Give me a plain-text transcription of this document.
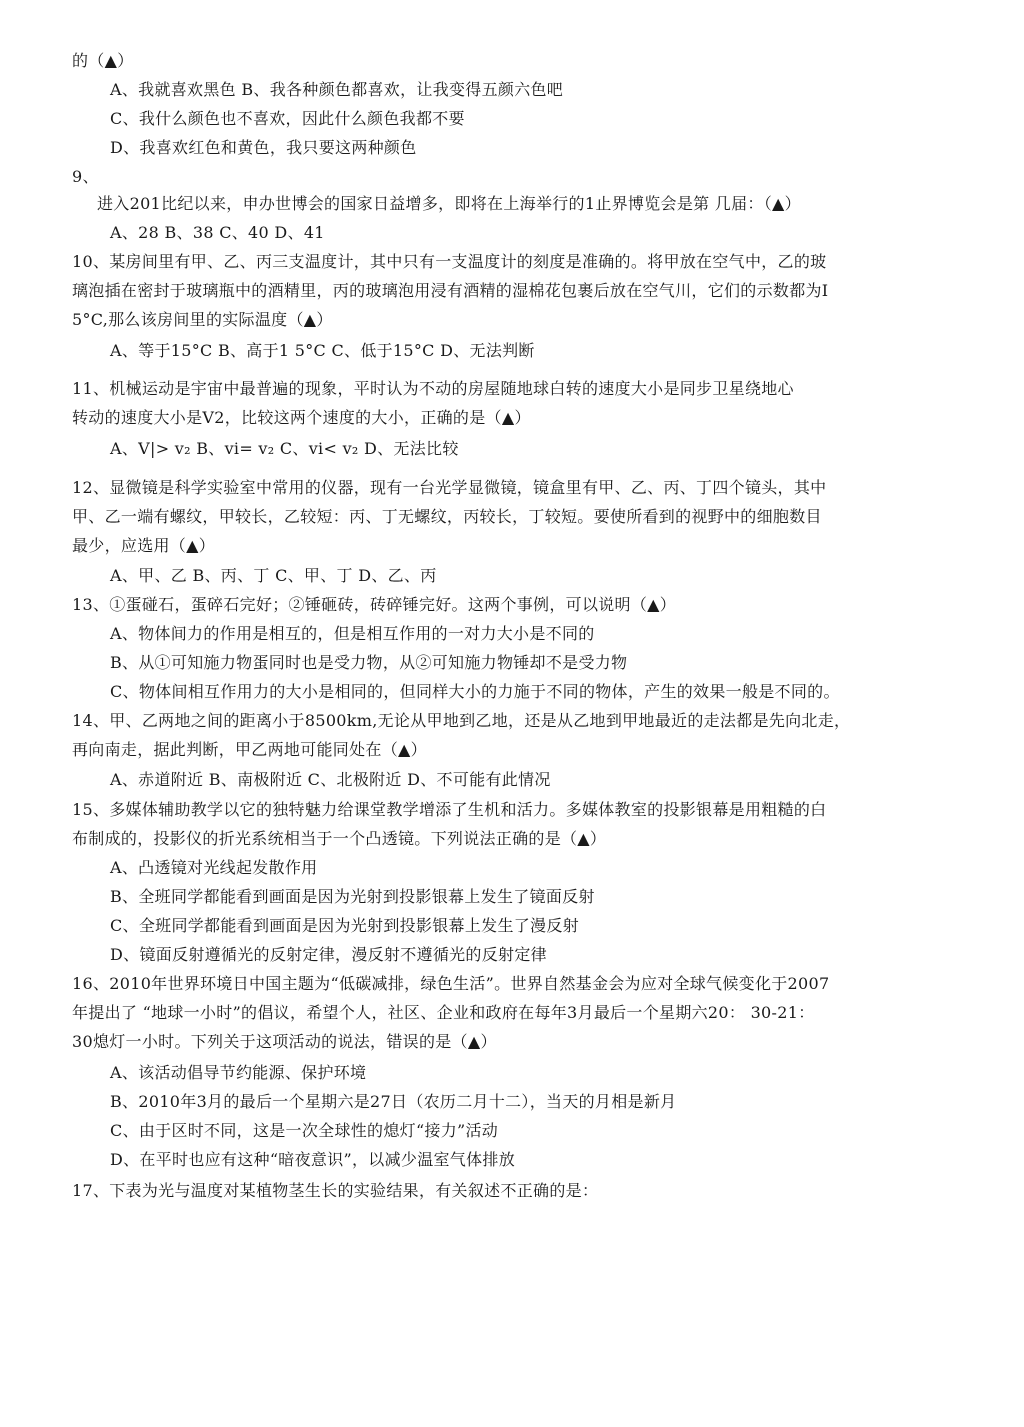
的（▲）
A、我就喜欢黑色 B、我各种颜色都喜欢，让我变得五颜六色吧
C、我什么颜色也不喜欢，因此什么颜色我都不要
D、我喜欢红色和黄色，我只要这两种颜色
9、
进入201比纪以来，申办世博会的国家日益增多，即将在上海举行的1止界博览会是第 几届：（▲）
A、28 B、38 C、40 D、41
10、某房间里有甲、乙、丙三支温度计，其中只有一支温度计的刻度是准确的。将甲放在空气中，乙的玻
璃泡插在密封于玻璃瓶中的酒精里，丙的玻璃泡用浸有酒精的湿棉花包裹后放在空气川，它们的示数都为I
5°C,那么该房间里的实际温度（▲）
A、等于15°C B、高于1 5°C C、低于15°C D、无法判断
11、机械运动是宇宙中最普遍的现象，平时认为不动的房屋随地球白转的速度大小是同步卫星绕地心
转动的速度大小是V2，比较这两个速度的大小，正确的是（▲）
A、V|> v₂ B、vi= v₂ C、vi< v₂ D、无法比较
12、显微镜是科学实验室中常用的仪器，现有一台光学显微镜，镜盒里有甲、乙、丙、丁四个镜头，其中
甲、乙一端有螺纹，甲较长，乙较短：丙、丁无螺纹，丙较长，丁较短。要使所看到的视野中的细胞数目
最少，应选用（▲）
A、甲、乙 B、丙、丁 C、甲、丁 D、乙、丙
13、①蛋碰石，蛋碎石完好；②锤砸砖，砖碎锤完好。这两个事例，可以说明（▲）
A、物体间力的作用是相互的，但是相互作用的一对力大小是不同的
B、从①可知施力物蛋同时也是受力物，从②可知施力物锤却不是受力物
C、物体间相互作用力的大小是相同的，但同样大小的力施于不同的物体，产生的效果一般是不同的。
14、甲、乙两地之间的距离小于8500km,无论从甲地到乙地，还是从乙地到甲地最近的走法都是先向北走，
再向南走，据此判断，甲乙两地可能同处在（▲）
A、赤道附近 B、南极附近 C、北极附近 D、不可能有此情况
15、多媒体辅助教学以它的独特魅力给课堂教学增添了生机和活力。多媒体教室的投影银幕是用粗糙的白
布制成的，投影仪的折光系统相当于一个凸透镜。下列说法正确的是（▲）
A、凸透镜对光线起发散作用
B、全班同学都能看到画面是因为光射到投影银幕上发生了镜面反射
C、全班同学都能看到画面是因为光射到投影银幕上发生了漫反射
D、镜面反射遵循光的反射定律，漫反射不遵循光的反射定律
16、2010年世界环境日中国主题为“低碳减排，绿色生活”。世界自然基金会为应对全球气候变化于2007
年提出了 “地球一小时”的倡议，希望个人，社区、企业和政府在每年3月最后一个星期六20： 30-21：
30熄灯一小时。下列关于这项活动的说法，错误的是（▲）
A、该活动倡导节约能源、保护环境
B、2010年3月的最后一个星期六是27日（农历二月十二），当天的月相是新月
C、由于区时不同，这是一次全球性的熄灯“接力”活动
D、在平时也应有这种“暗夜意识”，以减少温室气体排放
17、下表为光与温度对某植物茎生长的实验结果，有关叙述不正确的是：
